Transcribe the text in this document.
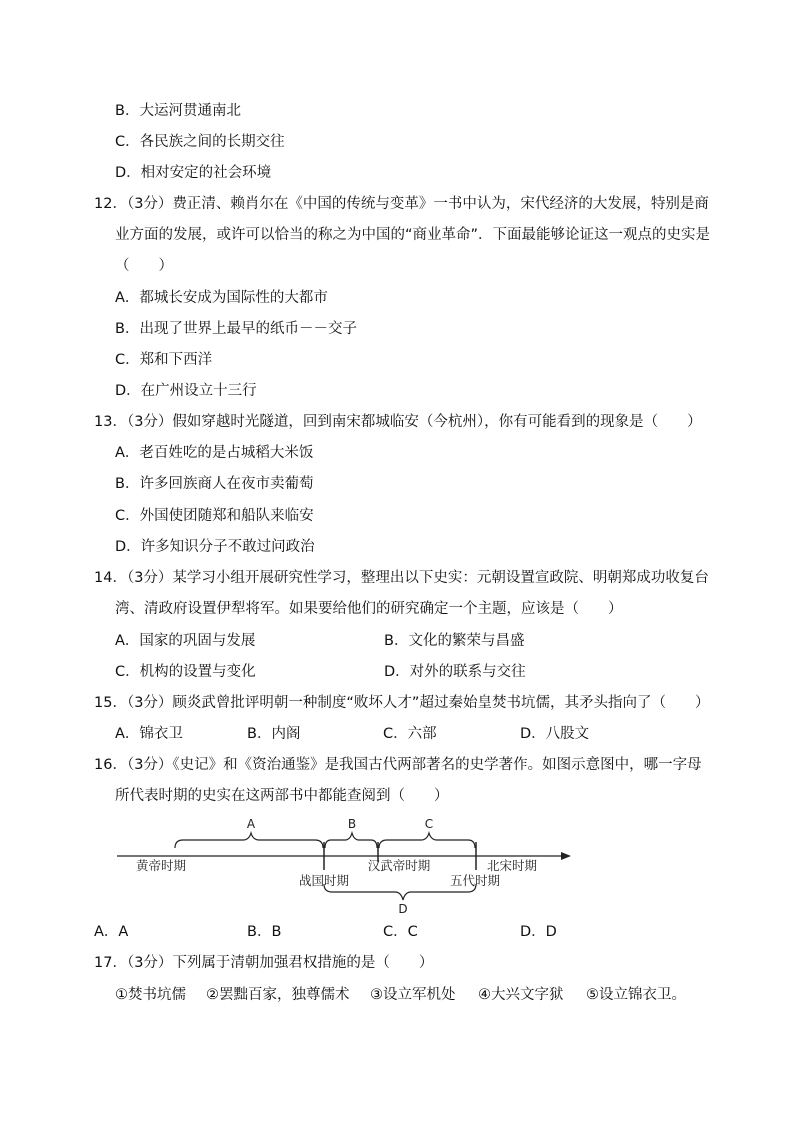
B．大运河贯通南北
C．各民族之间的长期交往
D．相对安定的社会环境
12．（3分）费正清、赖肖尔在《中国的传统与变革》一书中认为，宋代经济的大发展，特别是商
业方面的发展，或许可以恰当的称之为中国的“商业革命”．下面最能够论证这一观点的史实是
（　　）
A．都城长安成为国际性的大都市
B．出现了世界上最早的纸币－－交子
C．郑和下西洋
D．在广州设立十三行
13．（3分）假如穿越时光隧道，回到南宋都城临安（今杭州），你有可能看到的现象是（　　）
A．老百姓吃的是占城稻大米饭
B．许多回族商人在夜市卖葡萄
C．外国使团随郑和船队来临安
D．许多知识分子不敢过问政治
14．（3分）某学习小组开展研究性学习，整理出以下史实：元朝设置宣政院、明朝郑成功收复台
湾、清政府设置伊犁将军。如果要给他们的研究确定一个主题，应该是（　　）
A．国家的巩固与发展	B．文化的繁荣与昌盛
C．机构的设置与变化	D．对外的联系与交往
15．（3分）顾炎武曾批评明朝一种制度“败坏人才”超过秦始皇焚书坑儒，其矛头指向了（　　）
A．锦衣卫	B．内阁	C．六部	D．八股文
16．（3分）《史记》和《资治通鉴》是我国古代两部著名的史学著作。如图示意图中，哪一字母
所代表时期的史实在这两部书中都能查阅到（　　）
A	B	C
D
黄帝时期
战国时期
汉武帝时期
五代时期
北宋时期
A．A	B．B	C．C	D．D
17．（3分）下列属于清朝加强君权措施的是（　　）
①焚书坑儒 ②罢黜百家，独尊儒术 ③设立军机处 ④大兴文字狱 ⑤设立锦衣卫。
